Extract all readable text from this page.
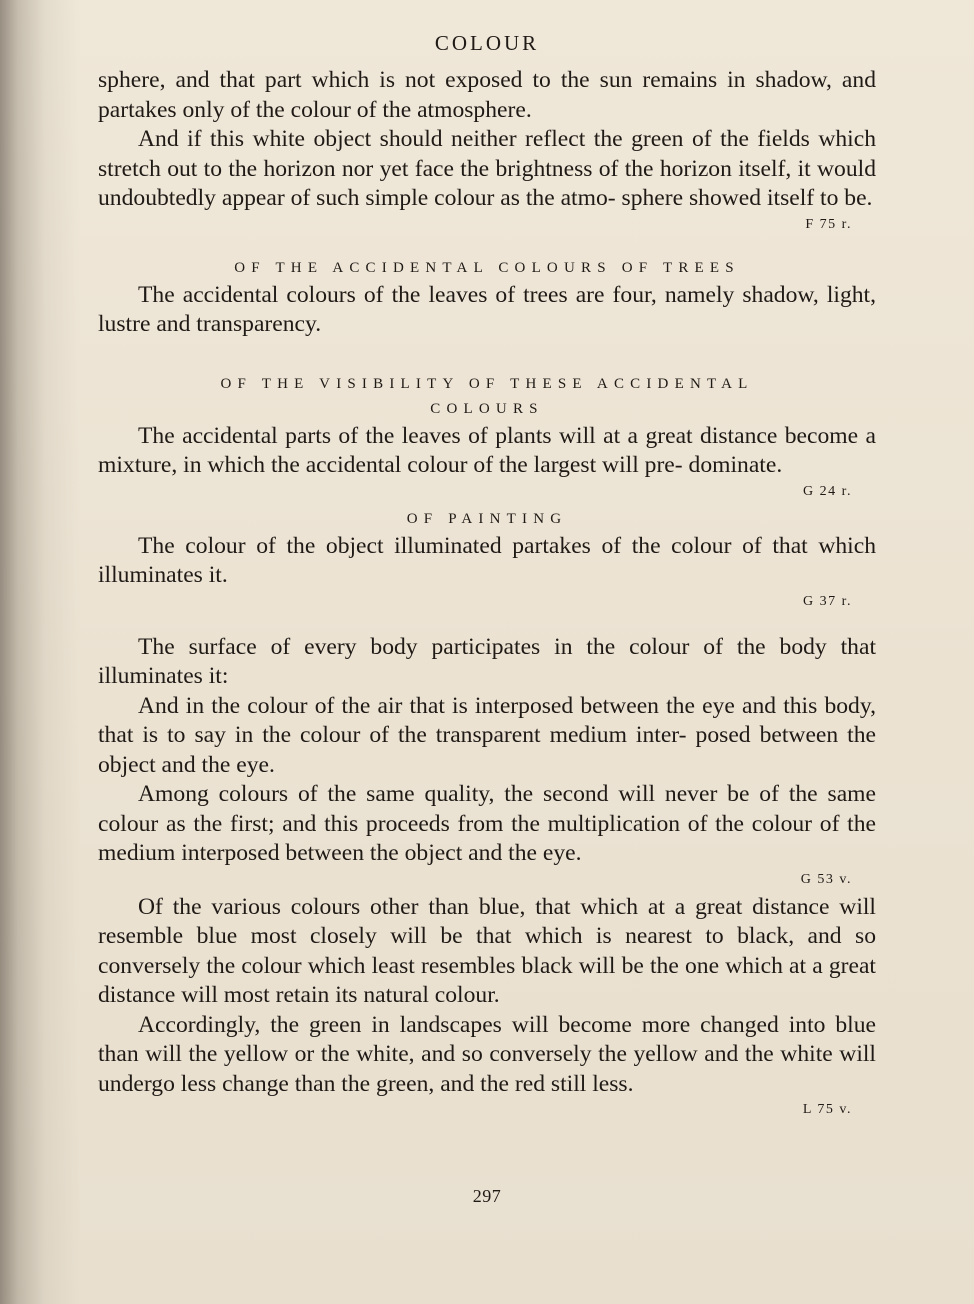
COLOUR

sphere, and that part which is not exposed to the sun remains in shadow, and partakes only of the colour of the atmosphere.

And if this white object should neither reflect the green of the fields which stretch out to the horizon nor yet face the brightness of the horizon itself, it would undoubtedly appear of such simple colour as the atmo- sphere showed itself to be.

F 75 r.
OF THE ACCIDENTAL COLOURS OF TREES

The accidental colours of the leaves of trees are four, namely shadow, light, lustre and transparency.

OF THE VISIBILITY OF THESE ACCIDENTAL
COLOURS

The accidental parts of the leaves of plants will at a great distance become a mixture, in which the accidental colour of the largest will pre- dominate.

G 24 r.
OF PAINTING

The colour of the object illuminated partakes of the colour of that which illuminates it.

G 37 r.

The surface of every body participates in the colour of the body that illuminates it:

And in the colour of the air that is interposed between the eye and this body, that is to say in the colour of the transparent medium inter- posed between the object and the eye.

Among colours of the same quality, the second will never be of the same colour as the first; and this proceeds from the multiplication of the colour of the medium interposed between the object and the eye.

G 53 v.

Of the various colours other than blue, that which at a great distance will resemble blue most closely will be that which is nearest to black, and so conversely the colour which least resembles black will be the one which at a great distance will most retain its natural colour.

Accordingly, the green in landscapes will become more changed into blue than will the yellow or the white, and so conversely the yellow and the white will undergo less change than the green, and the red still less.

L 75 v.
297
